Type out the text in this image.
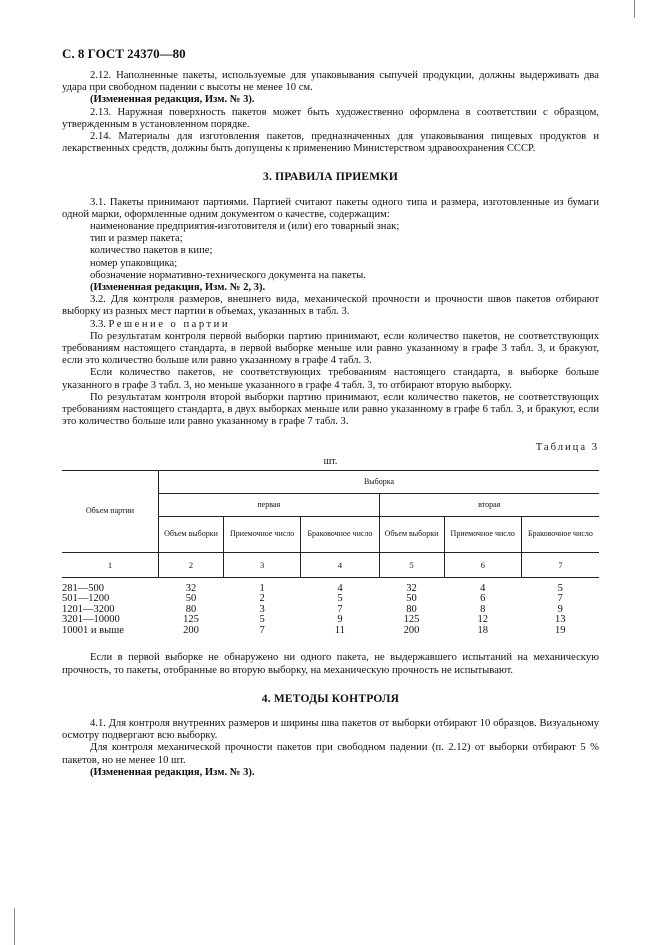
С. 8 ГОСТ 24370—80

2.12. Наполненные пакеты, используемые для упаковывания сыпучей продукции, должны выдерживать два удара при свободном падении с высоты не менее 10 см.

(Измененная редакция, Изм. № 3).

2.13. Наружная поверхность пакетов может быть художественно оформлена в соответствии с образцом, утвержденным в установленном порядке.

2.14. Материалы для изготовления пакетов, предназначенных для упаковывания пищевых продуктов и лекарственных средств, должны быть допущены к применению Министерством здравоохранения СССР.

3. ПРАВИЛА ПРИЕМКИ

3.1. Пакеты принимают партиями. Партией считают пакеты одного типа и размера, изготовленные из бумаги одной марки, оформленные одним документом о качестве, содержащим:

наименование предприятия-изготовителя и (или) его товарный знак;

тип и размер пакета;

количество пакетов в кипе;

номер упаковщика;

обозначение нормативно-технического документа на пакеты.

(Измененная редакция, Изм. № 2, 3).

3.2. Для контроля размеров, внешнего вида, механической прочности и прочности швов пакетов отбирают выборку из разных мест партии в объемах, указанных в табл. 3.

3.3. Решение о партии

По результатам контроля первой выборки партию принимают, если количество пакетов, не соответствующих требованиям настоящего стандарта, в первой выборке меньше или равно указанному в графе 3 табл. 3, и бракуют, если это количество больше или равно указанному в графе 4 табл. 3.

Если количество пакетов, не соответствующих требованиям настоящего стандарта, в выборке больше указанного в графе 3 табл. 3, но меньше указанного в графе 4 табл. 3, то отбирают вторую выборку.

По результатам контроля второй выборки партию принимают, если количество пакетов, не соответствующих требованиям настоящего стандарта, в двух выборках меньше или равно указанному в графе 6 табл. 3, и бракуют, если это количество больше или равно указанному в графе 7 табл. 3.

Таблица 3

шт.

Объем партии	Выборка					
	первая			вторая		
	Объем выборки	Приемочное число	Браковочное число	Объем выборки	Приемочное число	Браковочное число
1	2	3	4	5	6	7
281—500	32	1	4	32	4	5
501—1200	50	2	5	50	6	7
1201—3200	80	3	7	80	8	9
3201—10000	125	5	9	125	12	13
10001 и выше	200	7	11	200	18	19

Если в первой выборке не обнаружено ни одного пакета, не выдержавшего испытаний на механическую прочность, то пакеты, отобранные во вторую выборку, на механическую прочность не испытывают.

4. МЕТОДЫ КОНТРОЛЯ

4.1. Для контроля внутренних размеров и ширины шва пакетов от выборки отбирают 10 образцов. Визуальному осмотру подвергают всю выборку.

Для контроля механической прочности пакетов при свободном падении (п. 2.12) от выборки отбирают 5 % пакетов, но не менее 10 шт.

(Измененная редакция, Изм. № 3).
